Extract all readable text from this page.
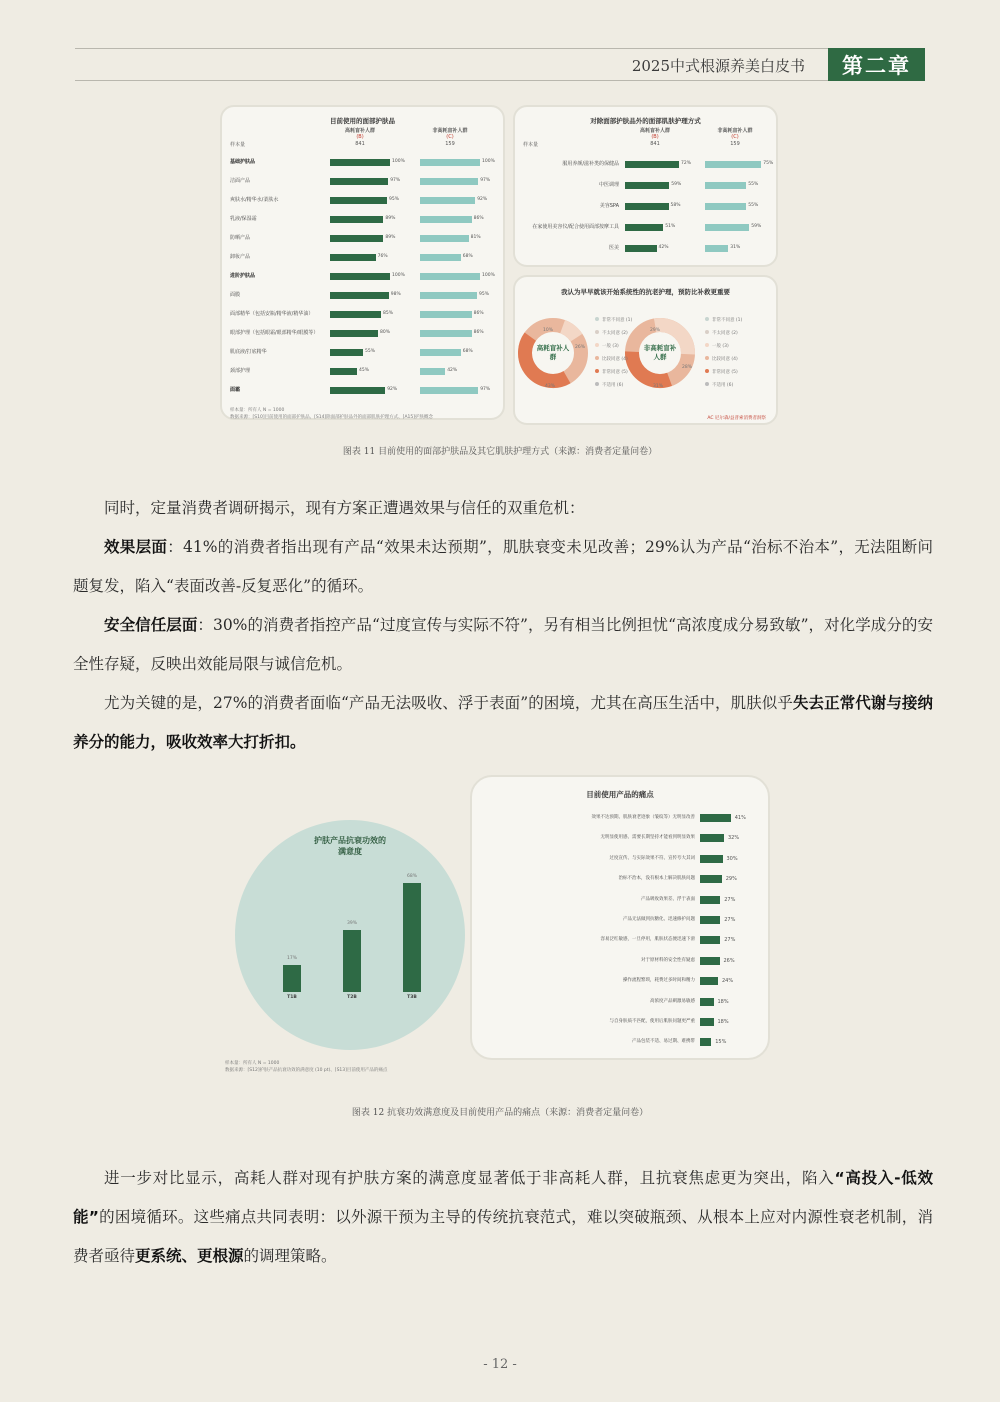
2025中式根源养美白皮书	第二章
目前使用的面部护肤品
高耗盲补人群
(B)
841
非高耗盲补人群
(C)
159
样本量
基础护肤品	100%	100%
洁面产品	97%	97%
爽肤水/精华水/柔肤水	95%	92%
乳液/保湿霜	89%	86%
防晒产品	89%	81%
卸妆产品	76%	68%
进阶护肤品	100%	100%
面膜	98%	95%
面部精华（包括安瓶/精华液/精华油）	85%	86%
眼部护理（包括眼霜/眼部精华/眼膜等）	80%	86%
肌底液/打底精华	55%	68%
颈部护理	45%	42%
面霜	92%	97%
样本量：所有人 N = 1000
数据来源：[S10]目前使用的面部护肤品、[S14]除面部护肤品外的面部肌肤护理方式、[A15]护肤概念
对除面部护肤品外的面部肌肤护理方式
高耗盲补人群
(B)
841
非高耗盲补人群
(C)
159
样本量
服用养颜/滋补类的保健品	72%	75%
中医调理	59%	55%
美容SPA	58%	55%
在家使用美容仪/配合使用面部按摩工具	51%	59%
医美	42%	31%
我认为早早就该开始系统性的抗老护理，预防比补救更重要
高耗盲补人群
非高耗盲补人群
10%
26%
43%
29%
28%
31%
非常不同意 (1)
不太同意 (2)
一般 (3)
比较同意 (4)
非常同意 (5)
不适用 (6)
非常不同意 (1)
不太同意 (2)
一般 (3)
比较同意 (4)
非常同意 (5)
不适用 (6)
AC 尼尔森/益普索消费者洞察
图表 11 目前使用的面部护肤品及其它肌肤护理方式（来源：消费者定量问卷）
同时，定量消费者调研揭示，现有方案正遭遇效果与信任的双重危机：
效果层面：41%的消费者指出现有产品“效果未达预期”，肌肤衰变未见改善；29%认为产品“治标不治本”，无法阻断问题复发，陷入“表面改善-反复恶化”的循环。
安全信任层面：30%的消费者指控产品“过度宣传与实际不符”，另有相当比例担忧“高浓度成分易致敏”，对化学成分的安全性存疑，反映出效能局限与诚信危机。
尤为关键的是，27%的消费者面临“产品无法吸收、浮于表面”的困境，尤其在高压生活中，肌肤似乎失去正常代谢与接纳养分的能力，吸收效率大打折扣。
护肤产品抗衰功效的
满意度
17%
T1B
39%
T2B
68%
T3B
样本量：所有人 N = 1000
数据来源：[S12]护肤产品抗衰功效的满意度 (10 pt)、[S13]目前使用产品的痛点
目前使用产品的痛点
效果不达预期、肌肤衰老迹象（皱纹等）无明显改善	41%
无明显使用感、需要长期坚持才能看到明显效果	32%
过度宣传、与实际效果不符、宣传夸大其词	30%
治标不治本，没有根本上解决肌肤问题	29%
产品吸收效果差、浮于表面	27%
产品无法做到抗糖化、迅速修护问题	27%
容易泛红敏感，一旦停用，肌肤状态便迅速下滑	27%
对于原材料的安全性有疑虑	26%
操作流程繁琐，耗费过多时间和精力	24%
高浓度产品刺激易敏感	18%
与自身肤质不匹配，使用后肌肤问题更严重	18%
产品包装不适、易过期、难携带	15%
图表 12 抗衰功效满意度及目前使用产品的痛点（来源：消费者定量问卷）
进一步对比显示，高耗人群对现有护肤方案的满意度显著低于非高耗人群，且抗衰焦虑更为突出，陷入“高投入-低效能”的困境循环。这些痛点共同表明：以外源干预为主导的传统抗衰范式，难以突破瓶颈、从根本上应对内源性衰老机制，消费者亟待更系统、更根源的调理策略。
- 12 -
